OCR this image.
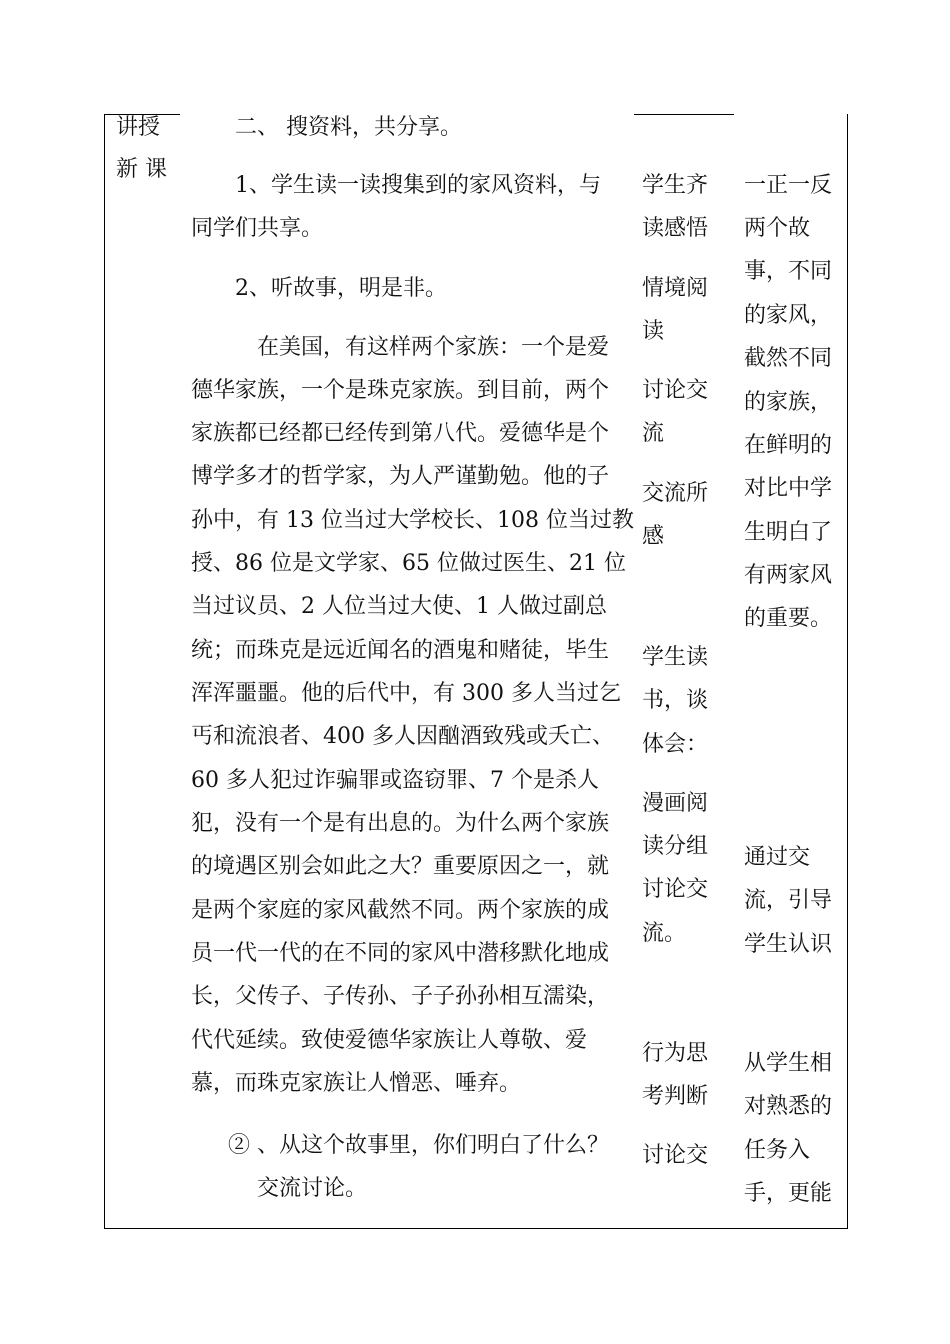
讲授
新 课
二、 搜资料，共分享。
1、学生读一读搜集到的家风资料，与
同学们共享。
2、听故事，明是非。
在美国，有这样两个家族：一个是爱
德华家族，一个是珠克家族。到目前，两个
家族都已经都已经传到第八代。爱德华是个
博学多才的哲学家，为人严谨勤勉。他的子
孙中，有 13 位当过大学校长、108 位当过教
授、86 位是文学家、65 位做过医生、21 位
当过议员、2 人位当过大使、1 人做过副总
统；而珠克是远近闻名的酒鬼和赌徒，毕生
浑浑噩噩。他的后代中，有 300 多人当过乞
丐和流浪者、400 多人因酗酒致残或夭亡、
60 多人犯过诈骗罪或盗窃罪、7 个是杀人
犯，没有一个是有出息的。为什么两个家族
的境遇区别会如此之大？重要原因之一，就
是两个家庭的家风截然不同。两个家族的成
员一代一代的在不同的家风中潜移默化地成
长，父传子、子传孙、子子孙孙相互濡染，
代代延续。致使爱德华家族让人尊敬、爱
慕，而珠克家族让人憎恶、唾弃。
② 、从这个故事里，你们明白了什么？
交流讨论。
学生齐
读感悟
情境阅
读
讨论交
流
交流所
感
学生读
书，谈
体会：
漫画阅
读分组
讨论交
流。
行为思
考判断
讨论交
一正一反
两个故
事，不同
的家风，
截然不同
的家族，
在鲜明的
对比中学
生明白了
有两家风
的重要。
通过交
流，引导
学生认识
从学生相
对熟悉的
任务入
手，更能
